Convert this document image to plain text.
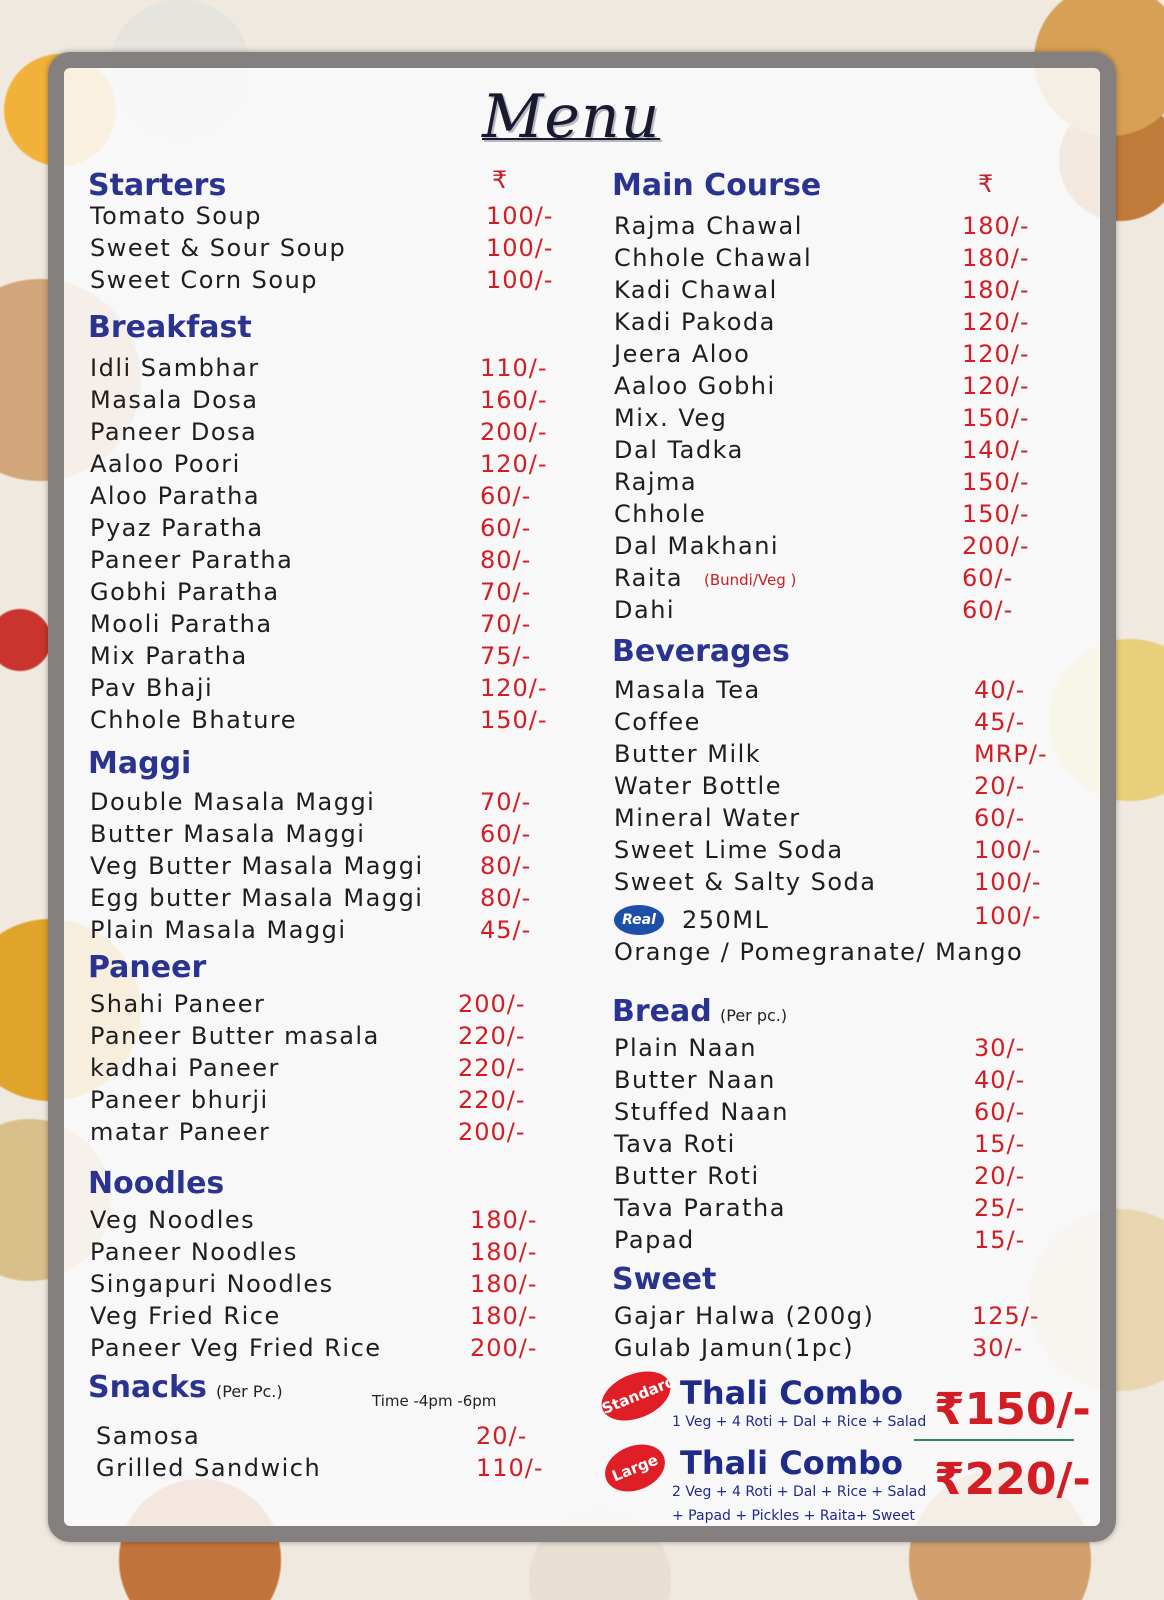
Menu
₹	₹
Real	250ML	100/-
Orange / Pomegranate/ Mango
Standard Thali Combo
1 Veg + 4 Roti + Dal + Rice + Salad ₹150/-
Large Thali Combo
2 Veg + 4 Roti + Dal + Rice + Salad
+ Papad + Pickles + Raita+ Sweet
₹220/-
Starters
Tomato Soup	100/-
Sweet & Sour Soup	100/-
Sweet Corn Soup	100/-
Breakfast
Idli Sambhar	110/-
Masala Dosa	160/-
Paneer Dosa	200/-
Aaloo Poori	120/-
Aloo Paratha	60/-
Pyaz Paratha	60/-
Paneer Paratha	80/-
Gobhi Paratha	70/-
Mooli Paratha	70/-
Mix Paratha	75/-
Pav Bhaji	120/-
Chhole Bhature	150/-
Maggi
Double Masala Maggi	70/-
Butter Masala Maggi	60/-
Veg Butter Masala Maggi 80/-
Egg butter Masala Maggi 80/-
Plain Masala Maggi	45/-
Paneer
Shahi Paneer	200/-
Paneer Butter masala	220/-
kadhai Paneer	220/-
Paneer bhurji	220/-
matar Paneer	200/-
Noodles
Veg Noodles	180/-
Paneer Noodles	180/-
Singapuri Noodles	180/-
Veg Fried Rice	180/-
Paneer Veg Fried Rice	200/-
Snacks (Per Pc.)
Samosa	20/-
Grilled Sandwich	110/-
Time -4pm -6pm
Main Course
Rajma Chawal	180/-
Chhole Chawal	180/-
Kadi Chawal	180/-
Kadi Pakoda	120/-
Jeera Aloo	120/-
Aaloo Gobhi	120/-
Mix. Veg	150/-
Dal Tadka	140/-
Rajma	150/-
Chhole	150/-
Dal Makhani	200/-
Raita (Bundi/Veg )	60/-
Dahi	60/-
Beverages
Masala Tea	40/-
Coffee	45/-
Butter Milk	MRP/-
Water Bottle	20/-
Mineral Water	60/-
Sweet Lime Soda	100/-
Sweet & Salty Soda	100/-
Bread (Per pc.)
Plain Naan	30/-
Butter Naan	40/-
Stuffed Naan	60/-
Tava Roti	15/-
Butter Roti	20/-
Tava Paratha	25/-
Papad	15/-
Sweet
Gajar Halwa (200g)	125/-
Gulab Jamun(1pc)	30/-
